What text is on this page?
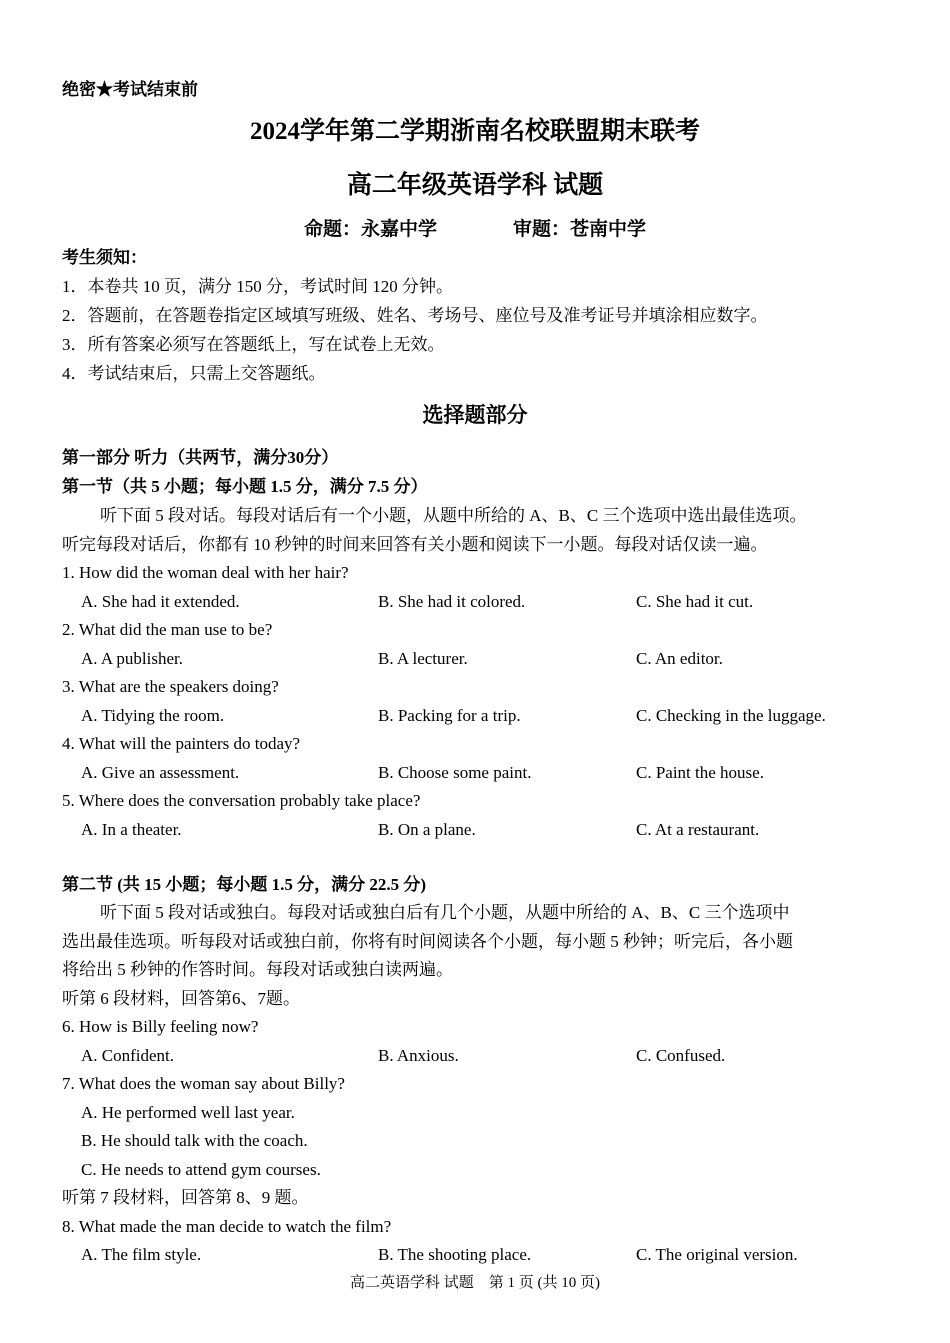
绝密★考试结束前
2024学年第二学期浙南名校联盟期末联考
高二年级英语学科 试题
命题：永嘉中学　　　　审题：苍南中学
考生须知：
1．本卷共 10 页，满分 150 分，考试时间 120 分钟。
2．答题前，在答题卷指定区域填写班级、姓名、考场号、座位号及准考证号并填涂相应数字。
3．所有答案必须写在答题纸上，写在试卷上无效。
4．考试结束后，只需上交答题纸。
选择题部分
第一部分 听力（共两节，满分30分）
第一节（共 5 小题；每小题 1.5 分，满分 7.5 分）
听下面 5 段对话。每段对话后有一个小题，从题中所给的 A、B、C 三个选项中选出最佳选项。
听完每段对话后，你都有 10 秒钟的时间来回答有关小题和阅读下一小题。每段对话仅读一遍。
1. How did the woman deal with her hair?
A. She had it extended.	B. She had it colored.	C. She had it cut.
2. What did the man use to be?
A. A publisher.	B. A lecturer.	C. An editor.
3. What are the speakers doing?
A. Tidying the room.	B. Packing for a trip.	C. Checking in the luggage.
4. What will the painters do today?
A. Give an assessment.	B. Choose some paint.	C. Paint the house.
5. Where does the conversation probably take place?
A. In a theater.	B. On a plane.	C. At a restaurant.
第二节 (共 15 小题；每小题 1.5 分，满分 22.5 分)
听下面 5 段对话或独白。每段对话或独白后有几个小题，从题中所给的 A、B、C 三个选项中
选出最佳选项。听每段对话或独白前，你将有时间阅读各个小题，每小题 5 秒钟；听完后，各小题
将给出 5 秒钟的作答时间。每段对话或独白读两遍。
听第 6 段材料，回答第6、7题。
6. How is Billy feeling now?
A. Confident.	B. Anxious.	C. Confused.
7. What does the woman say about Billy?
A. He performed well last year.
B. He should talk with the coach.
C. He needs to attend gym courses.
听第 7 段材料，回答第 8、9 题。
8. What made the man decide to watch the film?
A. The film style.	B. The shooting place.	C. The original version.
高二英语学科 试题　第 1 页 (共 10 页)
